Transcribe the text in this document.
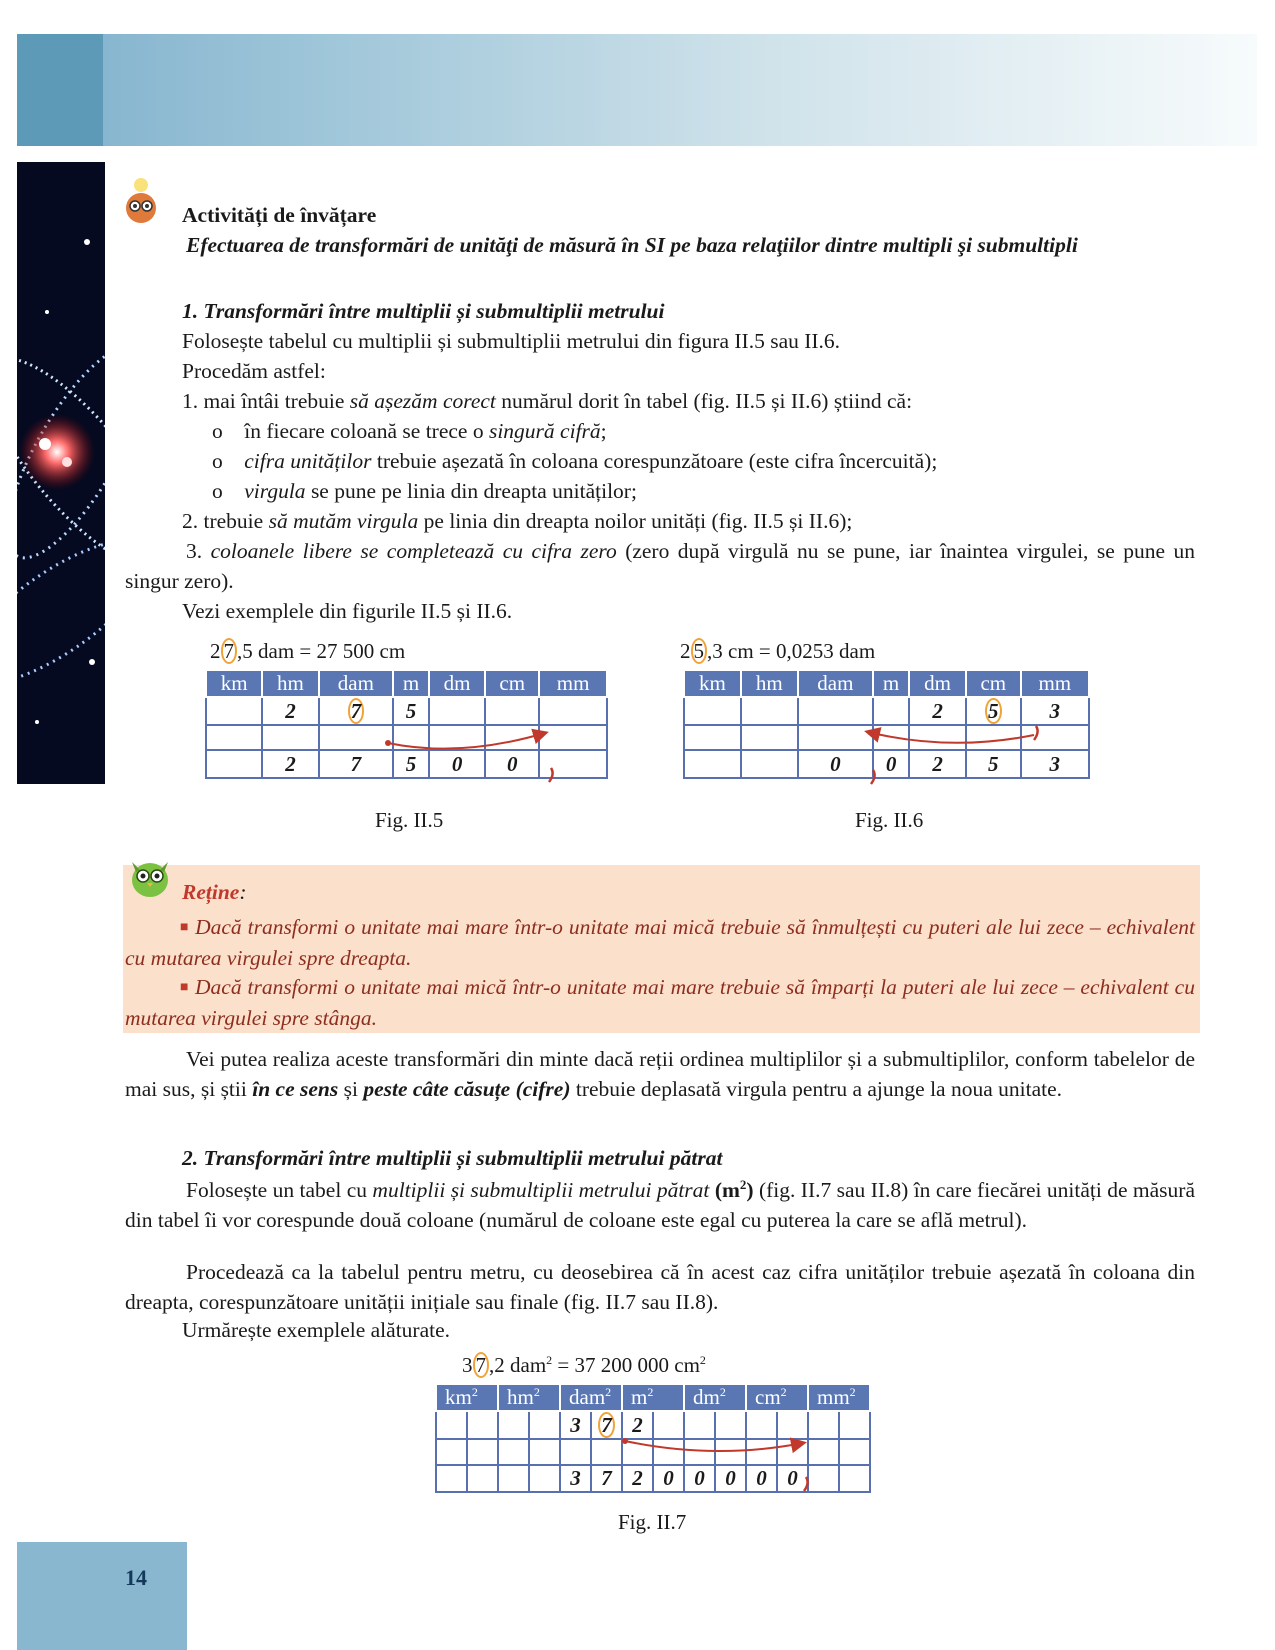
14
Activități de învățare
Efectuarea de transformări de unităţi de măsură în SI pe baza relaţiilor dintre multipli şi submultipli
1. Transformări între multiplii și submultiplii metrului
Folosește tabelul cu multiplii și submultiplii metrului din figura II.5 sau II.6.
Procedăm astfel:
1. mai întâi trebuie să așezăm corect numărul dorit în tabel (fig. II.5 și II.6) știind că:
o în fiecare coloană se trece o singură cifră;
o cifra unităților trebuie așezată în coloana corespunzătoare (este cifra încercuită);
o virgula se pune pe linia din dreapta unităților;
2. trebuie să mutăm virgula pe linia din dreapta noilor unități (fig. II.5 și II.6);
3. coloanele libere se completează cu cifra zero (zero după virgulă nu se pune, iar înaintea virgulei, se pune un singur zero).
Vezi exemplele din figurile II.5 și II.6.
2 7 ,5 dam = 27 500 cm
km	hm	dam	m	dm	cm	mm
	2	7	5			

	2	7	5	0	0	
Fig. II.5
2 5 ,3 cm = 0,0253 dam
km	hm	dam	m	dm	cm	mm
				2	5	3

		0	0	2	5	3
Fig. II.6
Reține:
■ Dacă transformi o unitate mai mare într-o unitate mai mică trebuie să înmulțești cu puteri ale lui zece – echivalent cu mutarea virgulei spre dreapta.
■ Dacă transformi o unitate mai mică într-o unitate mai mare trebuie să împarți la puteri ale lui zece – echivalent cu mutarea virgulei spre stânga.
Vei putea realiza aceste transformări din minte dacă reții ordinea multiplilor și a submultiplilor, conform tabelelor de mai sus, și știi în ce sens și peste câte căsuțe (cifre) trebuie deplasată virgula pentru a ajunge la noua unitate.
2. Transformări între multiplii și submultiplii metrului pătrat
Folosește un tabel cu multiplii și submultiplii metrului pătrat $(m^2)$ (fig. II.7 sau II.8) în care fiecărei unități de măsură din tabel îi vor corespunde două coloane (numărul de coloane este egal cu puterea la care se află metrul).
Procedează ca la tabelul pentru metru, cu deosebirea că în acest caz cifra unităților trebuie așezată în coloana din dreapta, corespunzătoare unității inițiale sau finale (fig. II.7 sau II.8).
Urmărește exemplele alăturate.
3 7 ,2 dam$^2$ = 37 200 000 $cm^2$
$km^2$		$hm^2$		dam$^2$		$m^2$		$dm^2$		$cm^2$		$mm^2$
				3	7	2							

				3	7	2	0	0	0	0	0		
Fig. II.7
